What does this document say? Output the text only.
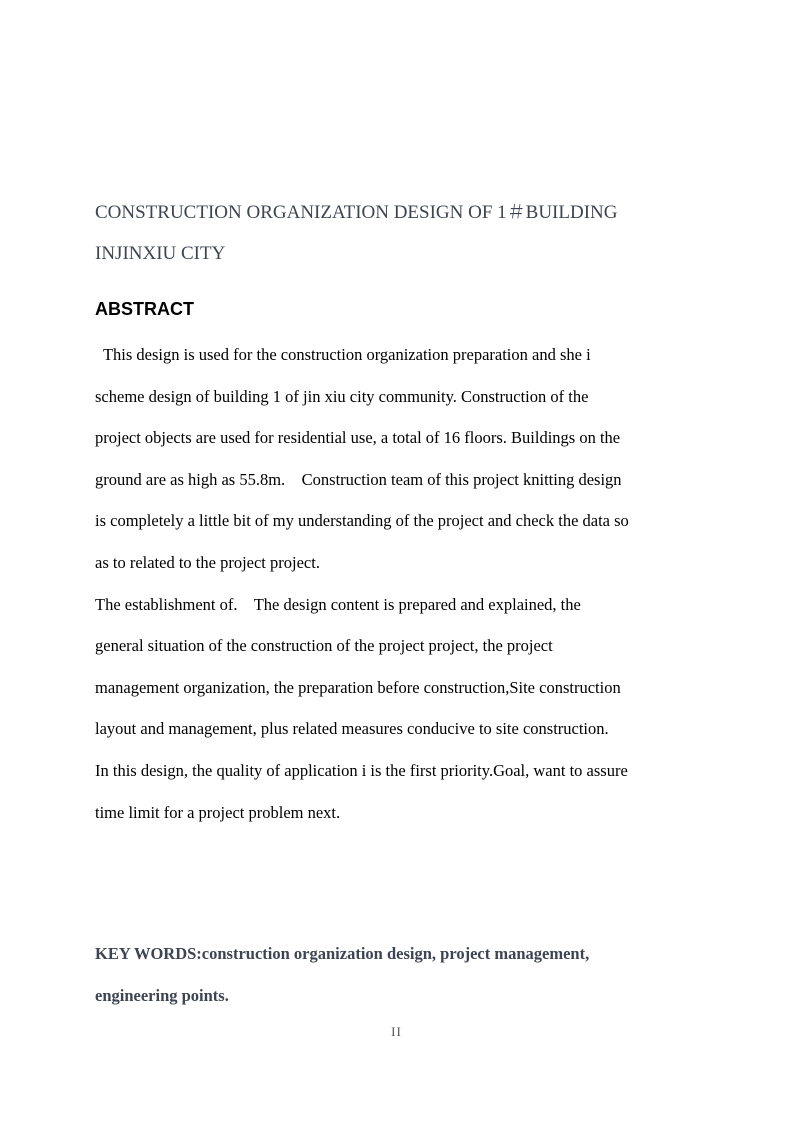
CONSTRUCTION ORGANIZATION DESIGN OF 1＃BUILDING
INJINXIU CITY
ABSTRACT
This design is used for the construction organization preparation and she i
scheme design of building 1 of jin xiu city community. Construction of the
project objects are used for residential use, a total of 16 floors. Buildings on the
ground are as high as 55.8m.    Construction team of this project knitting design
is completely a little bit of my understanding of the project and check the data so
as to related to the project project.
The establishment of.    The design content is prepared and explained, the
general situation of the construction of the project project, the project
management organization, the preparation before construction,Site construction
layout and management, plus related measures conducive to site construction.
In this design, the quality of application i is the first priority.Goal, want to assure
time limit for a project problem next.
KEY WORDS:construction organization design, project management,
engineering points.
II
